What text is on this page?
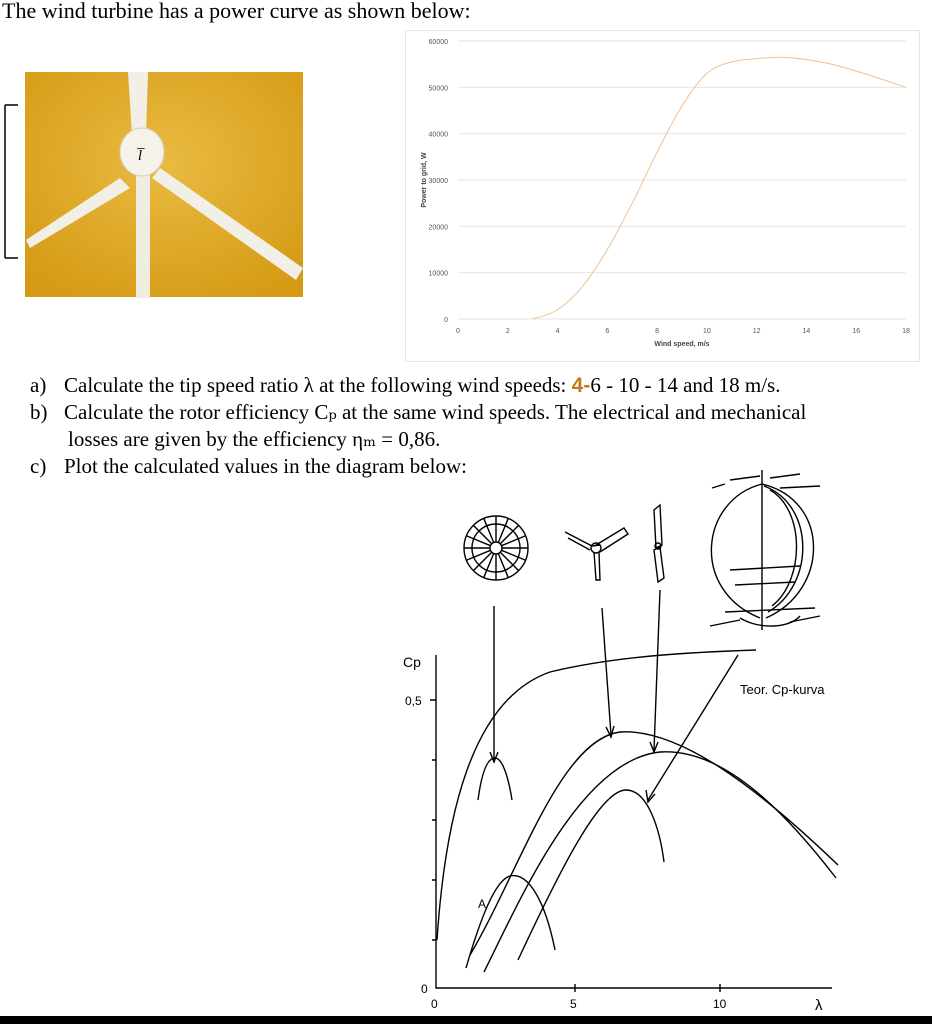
The wind turbine has a power curve as shown below:
l̅
0
10000
20000
30000
40000
50000
60000
0	2	4	6	8	10	12	14	16	18
Wind speed, m/s
Power to grid, W
a) Calculate the tip speed ratio λ at the following wind speeds: 4-6 - 10 - 14 and 18 m/s.
b) Calculate the rotor efficiency Cₚ at the same wind speeds. The electrical and mechanical
losses are given by the efficiency ηₘ = 0,86.
c) Plot the calculated values in the diagram below:
Cp
0,5
0
0	5	10	λ
Teor. Cp-kurva
A
